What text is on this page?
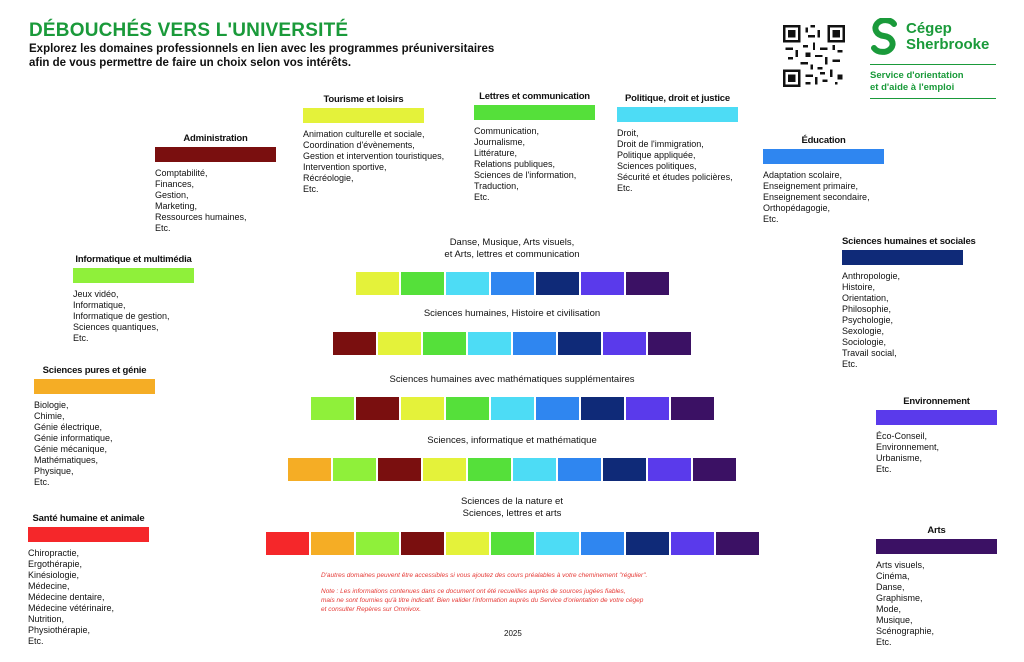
DÉBOUCHÉS VERS L'UNIVERSITÉ
Explorez les domaines professionnels en lien avec les programmes préuniversitaires
afin de vous permettre de faire un choix selon vos intérêts.
Cégep
Sherbrooke
Service d'orientation
et d'aide à l'emploi
Administration
Comptabilité,
Finances,
Gestion,
Marketing,
Ressources humaines,
Etc.
Tourisme et loisirs
Animation culturelle et sociale,
Coordination d'évènements,
Gestion et intervention touristiques,
Intervention sportive,
Récréologie,
Etc.
Lettres et communication
Communication,
Journalisme,
Littérature,
Relations publiques,
Sciences de l'information,
Traduction,
Etc.
Politique, droit et justice
Droit,
Droit de l'immigration,
Politique appliquée,
Sciences politiques,
Sécurité et études policières,
Etc.
Éducation
Adaptation scolaire,
Enseignement primaire,
Enseignement secondaire,
Orthopédagogie,
Etc.
Informatique et multimédia
Jeux vidéo,
Informatique,
Informatique de gestion,
Sciences quantiques,
Etc.
Sciences humaines et sociales
Anthropologie,
Histoire,
Orientation,
Philosophie,
Psychologie,
Sexologie,
Sociologie,
Travail social,
Etc.
Sciences pures et génie
Biologie,
Chimie,
Génie électrique,
Génie informatique,
Génie mécanique,
Mathématiques,
Physique,
Etc.
Environnement
Éco-Conseil,
Environnement,
Urbanisme,
Etc.
Santé humaine et animale
Chiropractie,
Ergothérapie,
Kinésiologie,
Médecine,
Médecine dentaire,
Médecine vétérinaire,
Nutrition,
Physiothérapie,
Etc.
Arts
Arts visuels,
Cinéma,
Danse,
Graphisme,
Mode,
Musique,
Scénographie,
Etc.
Danse, Musique, Arts visuels,
et Arts, lettres et communication
Sciences humaines, Histoire et civilisation
Sciences humaines avec mathématiques supplémentaires
Sciences, informatique et mathématique
Sciences de la nature et
Sciences, lettres et arts
D'autres domaines peuvent être accessibles si vous ajoutez des cours préalables à votre cheminement "régulier".
Note : Les informations contenues dans ce document ont été recueillies auprès de sources jugées fiables,
mais ne sont fournies qu'à titre indicatif. Bien valider l'information auprès du Service d'orientation de votre cégep
et consulter Repères sur Omnivox.
2025
